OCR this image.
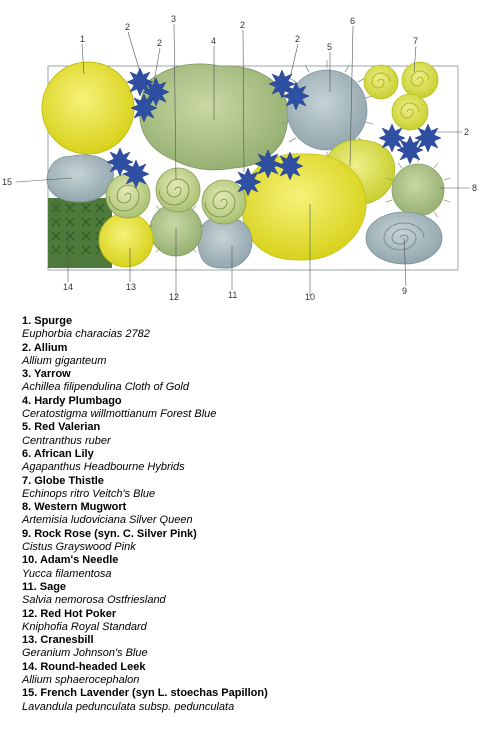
1
2
3
2	4
2
2
5
6
7
2
8
15
14	13
12	11	10
9
1. Spurge
Euphorbia characias 2782
2. Allium
Allium giganteum
3. Yarrow
Achillea filipendulina Cloth of Gold
4. Hardy Plumbago
Ceratostigma willmottianum Forest Blue
5. Red Valerian
Centranthus ruber
6. African Lily
Agapanthus Headbourne Hybrids
7. Globe Thistle
Echinops ritro Veitch's Blue
8. Western Mugwort
Artemisia ludoviciana Silver Queen
9. Rock Rose (syn. C. Silver Pink)
Cistus Grayswood Pink
10. Adam's Needle
Yucca filamentosa
11. Sage
Salvia nemorosa Ostfriesland
12. Red Hot Poker
Kniphofia Royal Standard
13. Cranesbill
Geranium Johnson's Blue
14. Round-headed Leek
Allium sphaerocephalon
15. French Lavender (syn L. stoechas Papillon)
Lavandula pedunculata subsp. pedunculata
